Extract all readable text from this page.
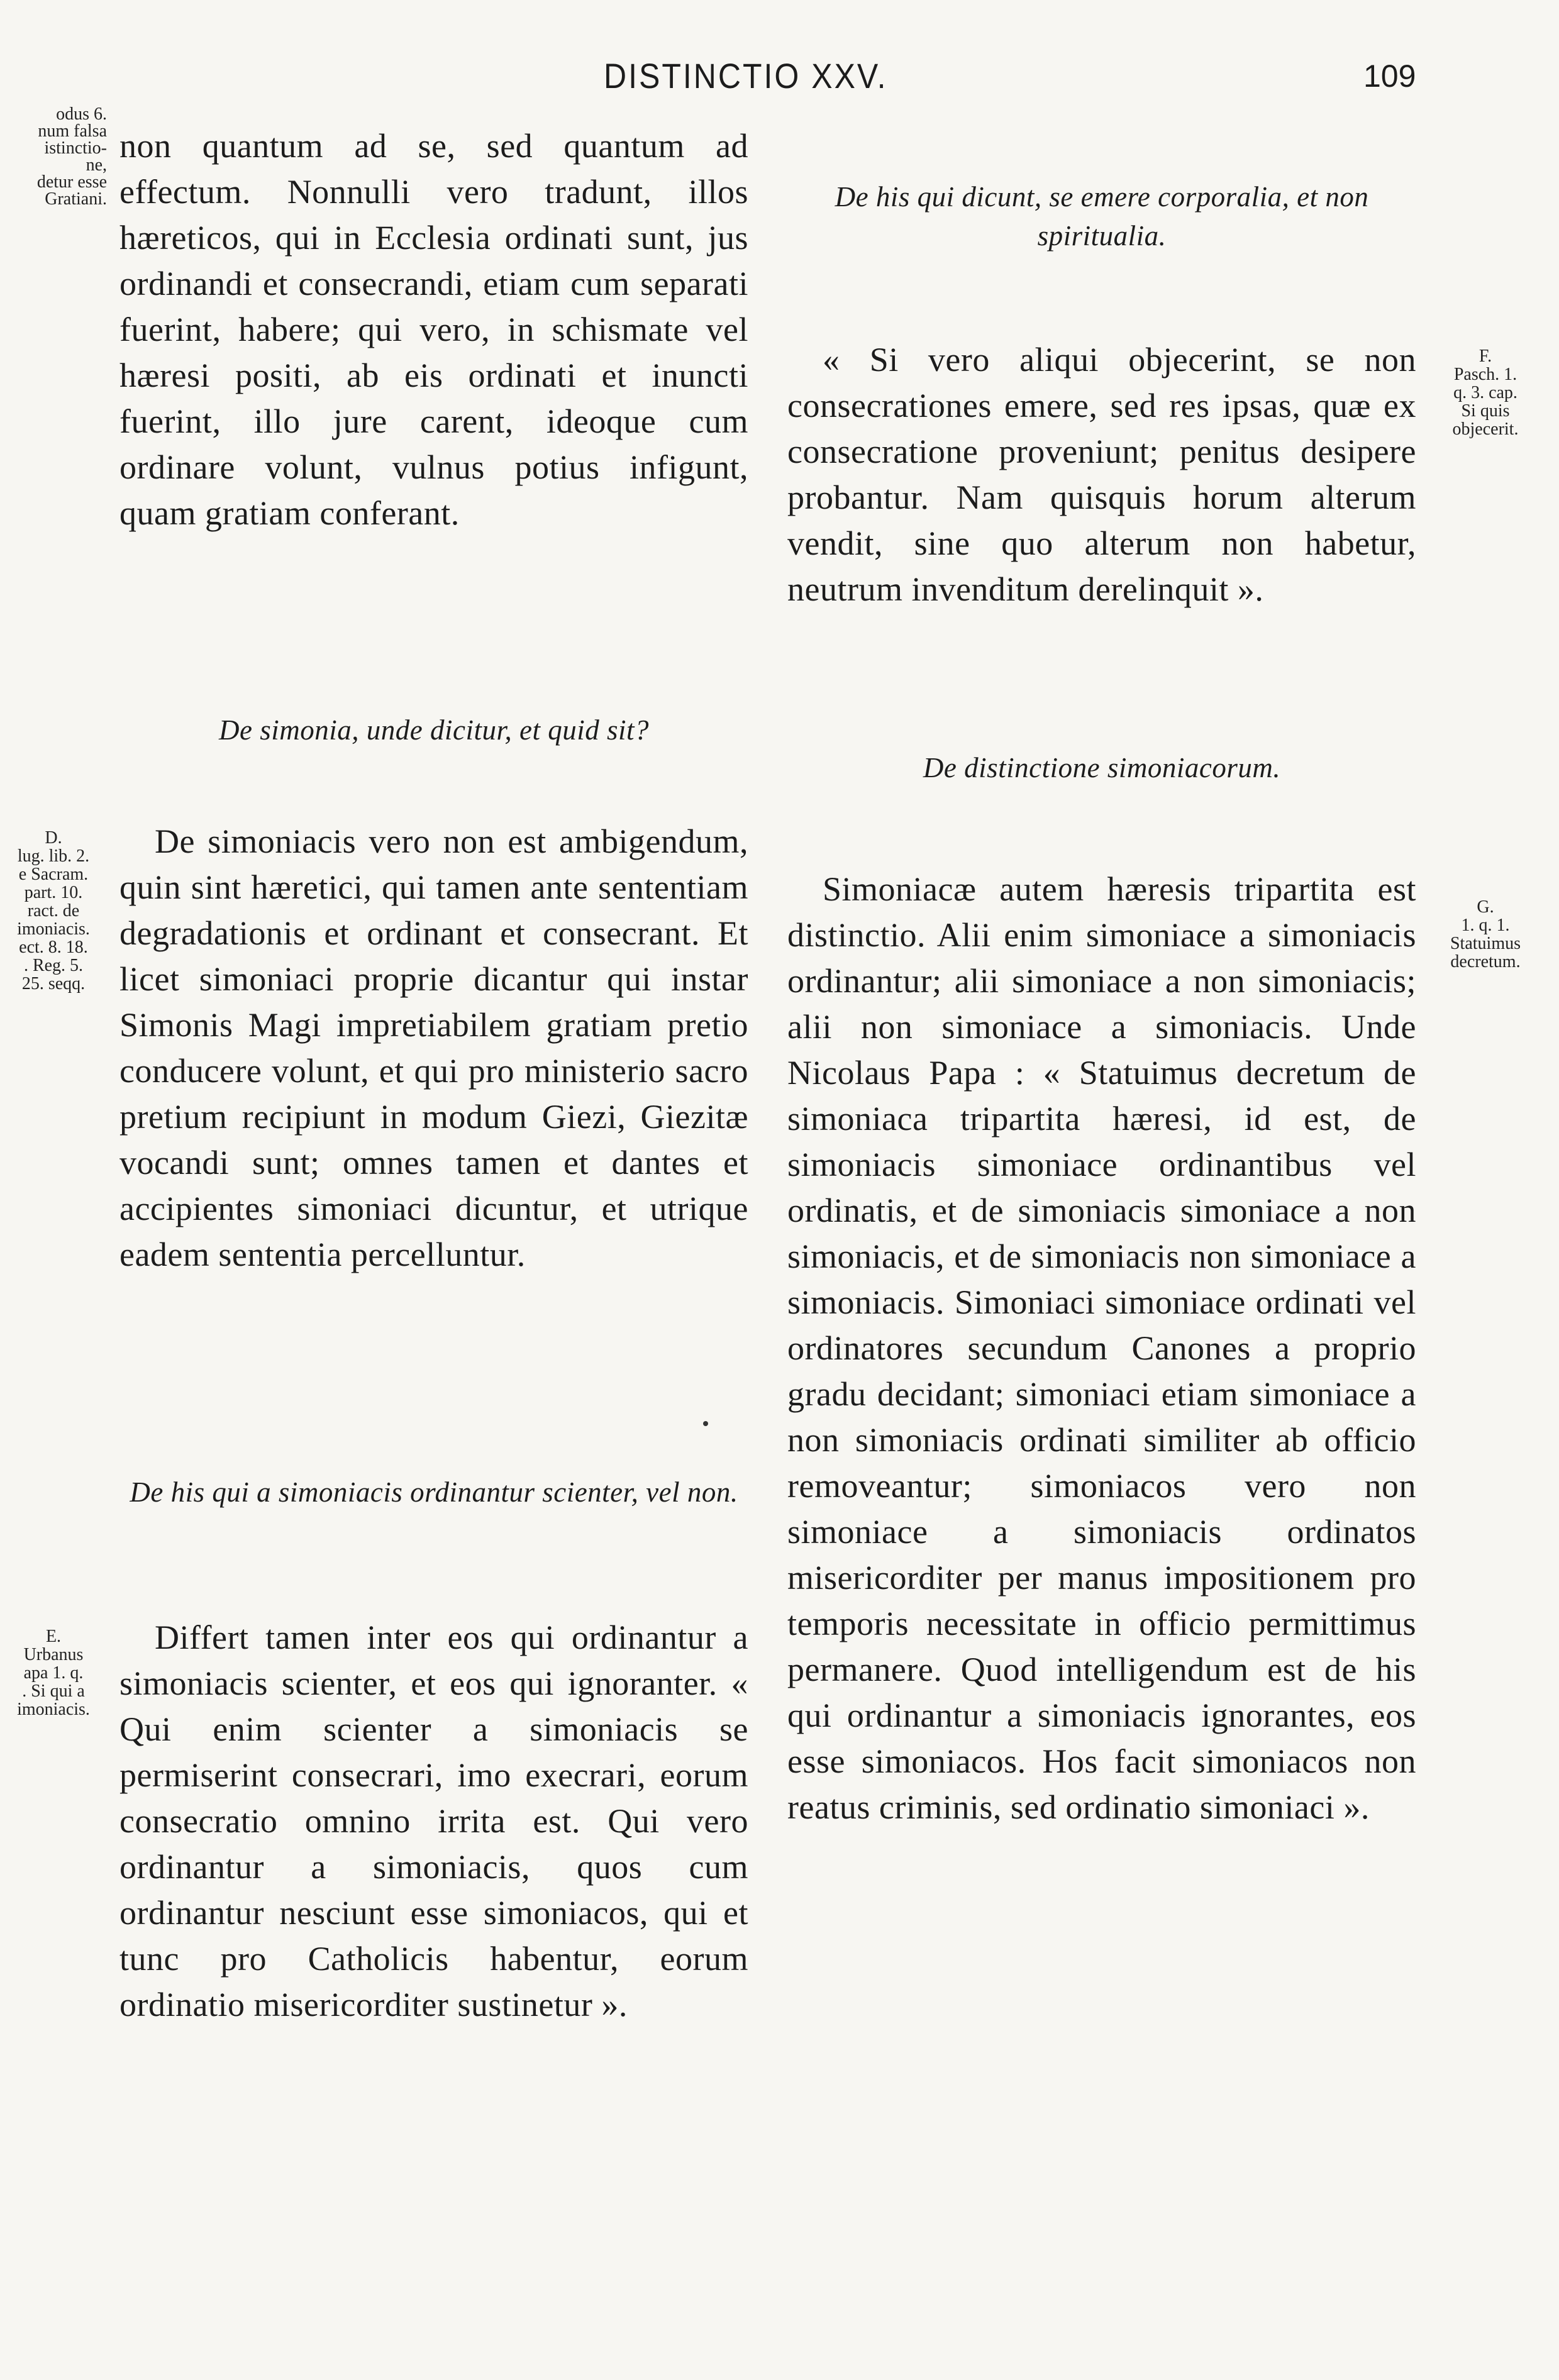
DISTINCTIO XXV.	109
odus 6.
num falsa
istinctio-
ne,
detur esse
Gratiani.
D.
lug. lib. 2.
e Sacram.
part. 10.
ract. de
imoniacis.
ect. 8. 18.
. Reg. 5.
25. seqq.
E.
Urbanus
apa 1. q.
. Si qui a
imoniacis.
F.
Pasch. 1.
q. 3. cap.
Si quis
objecerit.
G.
1. q. 1.
Statuimus
decretum.

non quantum ad se, sed quantum ad effectum. Nonnulli vero tradunt, illos hæreticos, qui in Ecclesia ordinati sunt, jus ordinandi et consecrandi, etiam cum separati fuerint, habere; qui vero, in schismate vel hæresi positi, ab eis ordinati et inuncti fuerint, illo jure carent, ideoque cum ordinare volunt, vulnus potius infigunt, quam gratiam conferant.

De simonia, unde dicitur, et quid sit?

De simoniacis vero non est ambigendum, quin sint hæretici, qui tamen ante sententiam degradationis et ordinant et consecrant. Et licet simoniaci proprie dicantur qui instar Simonis Magi impretiabilem gratiam pretio conducere volunt, et qui pro ministerio sacro pretium recipiunt in modum Giezi, Giezitæ vocandi sunt; omnes tamen et dantes et accipientes simoniaci dicuntur, et utrique eadem sententia percelluntur.

De his qui a simoniacis ordinantur scienter, vel non.

Differt tamen inter eos qui ordinantur a simoniacis scienter, et eos qui ignoranter. « Qui enim scienter a simoniacis se permiserint consecrari, imo execrari, eorum consecratio omnino irrita est. Qui vero ordinantur a simoniacis, quos cum ordinantur nesciunt esse simoniacos, qui et tunc pro Catholicis habentur, eorum ordinatio misericorditer sustinetur ».

De his qui dicunt, se emere corporalia, et non spiritualia.

« Si vero aliqui objecerint, se non consecrationes emere, sed res ipsas, quæ ex consecratione proveniunt; penitus desipere probantur. Nam quisquis horum alterum vendit, sine quo alterum non habetur, neutrum invenditum derelinquit ».

De distinctione simoniacorum.

Simoniacæ autem hæresis tripartita est distinctio. Alii enim simoniace a simoniacis ordinantur; alii simoniace a non simoniacis; alii non simoniace a simoniacis. Unde Nicolaus Papa : « Statuimus decretum de simoniaca tripartita hæresi, id est, de simoniacis simoniace ordinantibus vel ordinatis, et de simoniacis simoniace a non simoniacis, et de simoniacis non simoniace a simoniacis. Simoniaci simoniace ordinati vel ordinatores secundum Canones a proprio gradu decidant; simoniaci etiam simoniace a non simoniacis ordinati similiter ab officio removeantur; simoniacos vero non simoniace a simoniacis ordinatos misericorditer per manus impositionem pro temporis necessitate in officio permittimus permanere. Quod intelligendum est de his qui ordinantur a simoniacis ignorantes, eos esse simoniacos. Hos facit simoniacos non reatus criminis, sed ordinatio simoniaci ».
